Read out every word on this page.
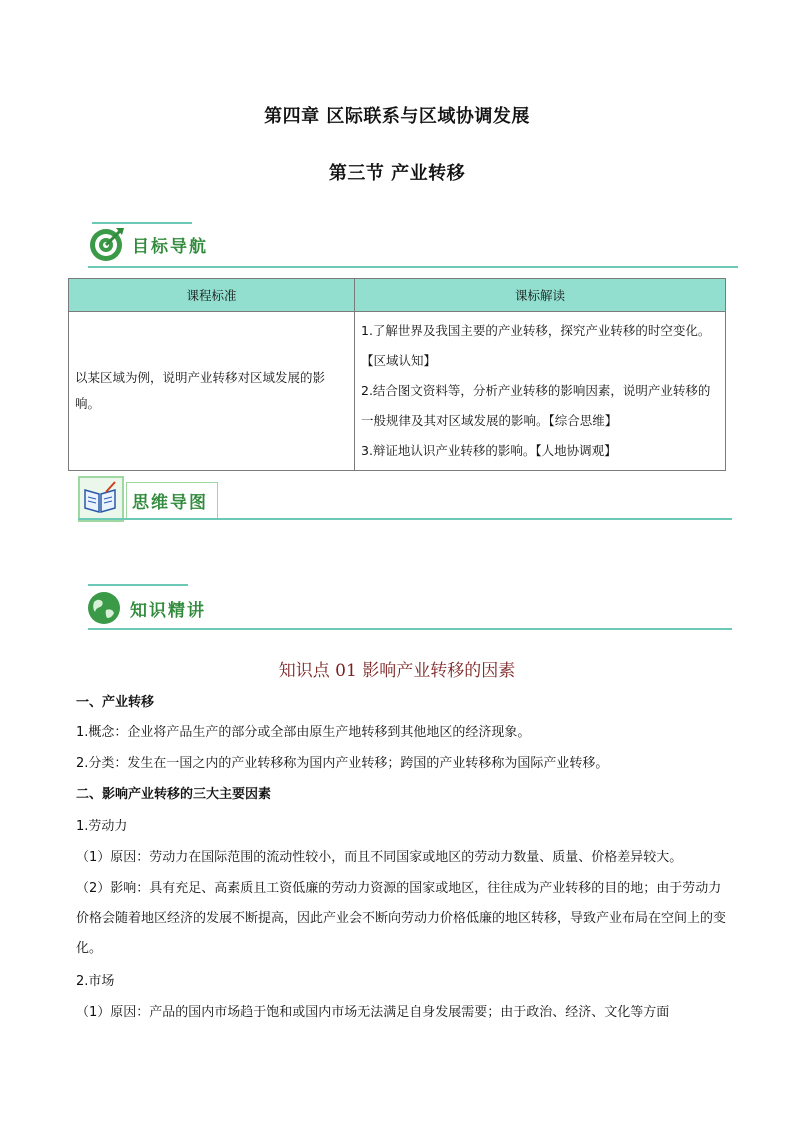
第四章 区际联系与区域协调发展
第三节 产业转移
目标导航
课程标准	课标解读
以某区域为例，说明产业转移对区域发展的影响。	1.了解世界及我国主要的产业转移，探究产业转移的时空变化。【区域认知】
2.结合图文资料等，分析产业转移的影响因素，说明产业转移的一般规律及其对区域发展的影响。【综合思维】
3.辩证地认识产业转移的影响。【人地协调观】
思维导图
知识精讲
知识点 01 影响产业转移的因素
一、产业转移
1.概念：企业将产品生产的部分或全部由原生产地转移到其他地区的经济现象。
2.分类：发生在一国之内的产业转移称为国内产业转移；跨国的产业转移称为国际产业转移。
二、影响产业转移的三大主要因素
1.劳动力
（1）原因：劳动力在国际范围的流动性较小，而且不同国家或地区的劳动力数量、质量、价格差异较大。
（2）影响：具有充足、高素质且工资低廉的劳动力资源的国家或地区，往往成为产业转移的目的地；由于劳动力价格会随着地区经济的发展不断提高，因此产业会不断向劳动力价格低廉的地区转移，导致产业布局在空间上的变化。
2.市场
（1）原因：产品的国内市场趋于饱和或国内市场无法满足自身发展需要；由于政治、经济、文化等方面
